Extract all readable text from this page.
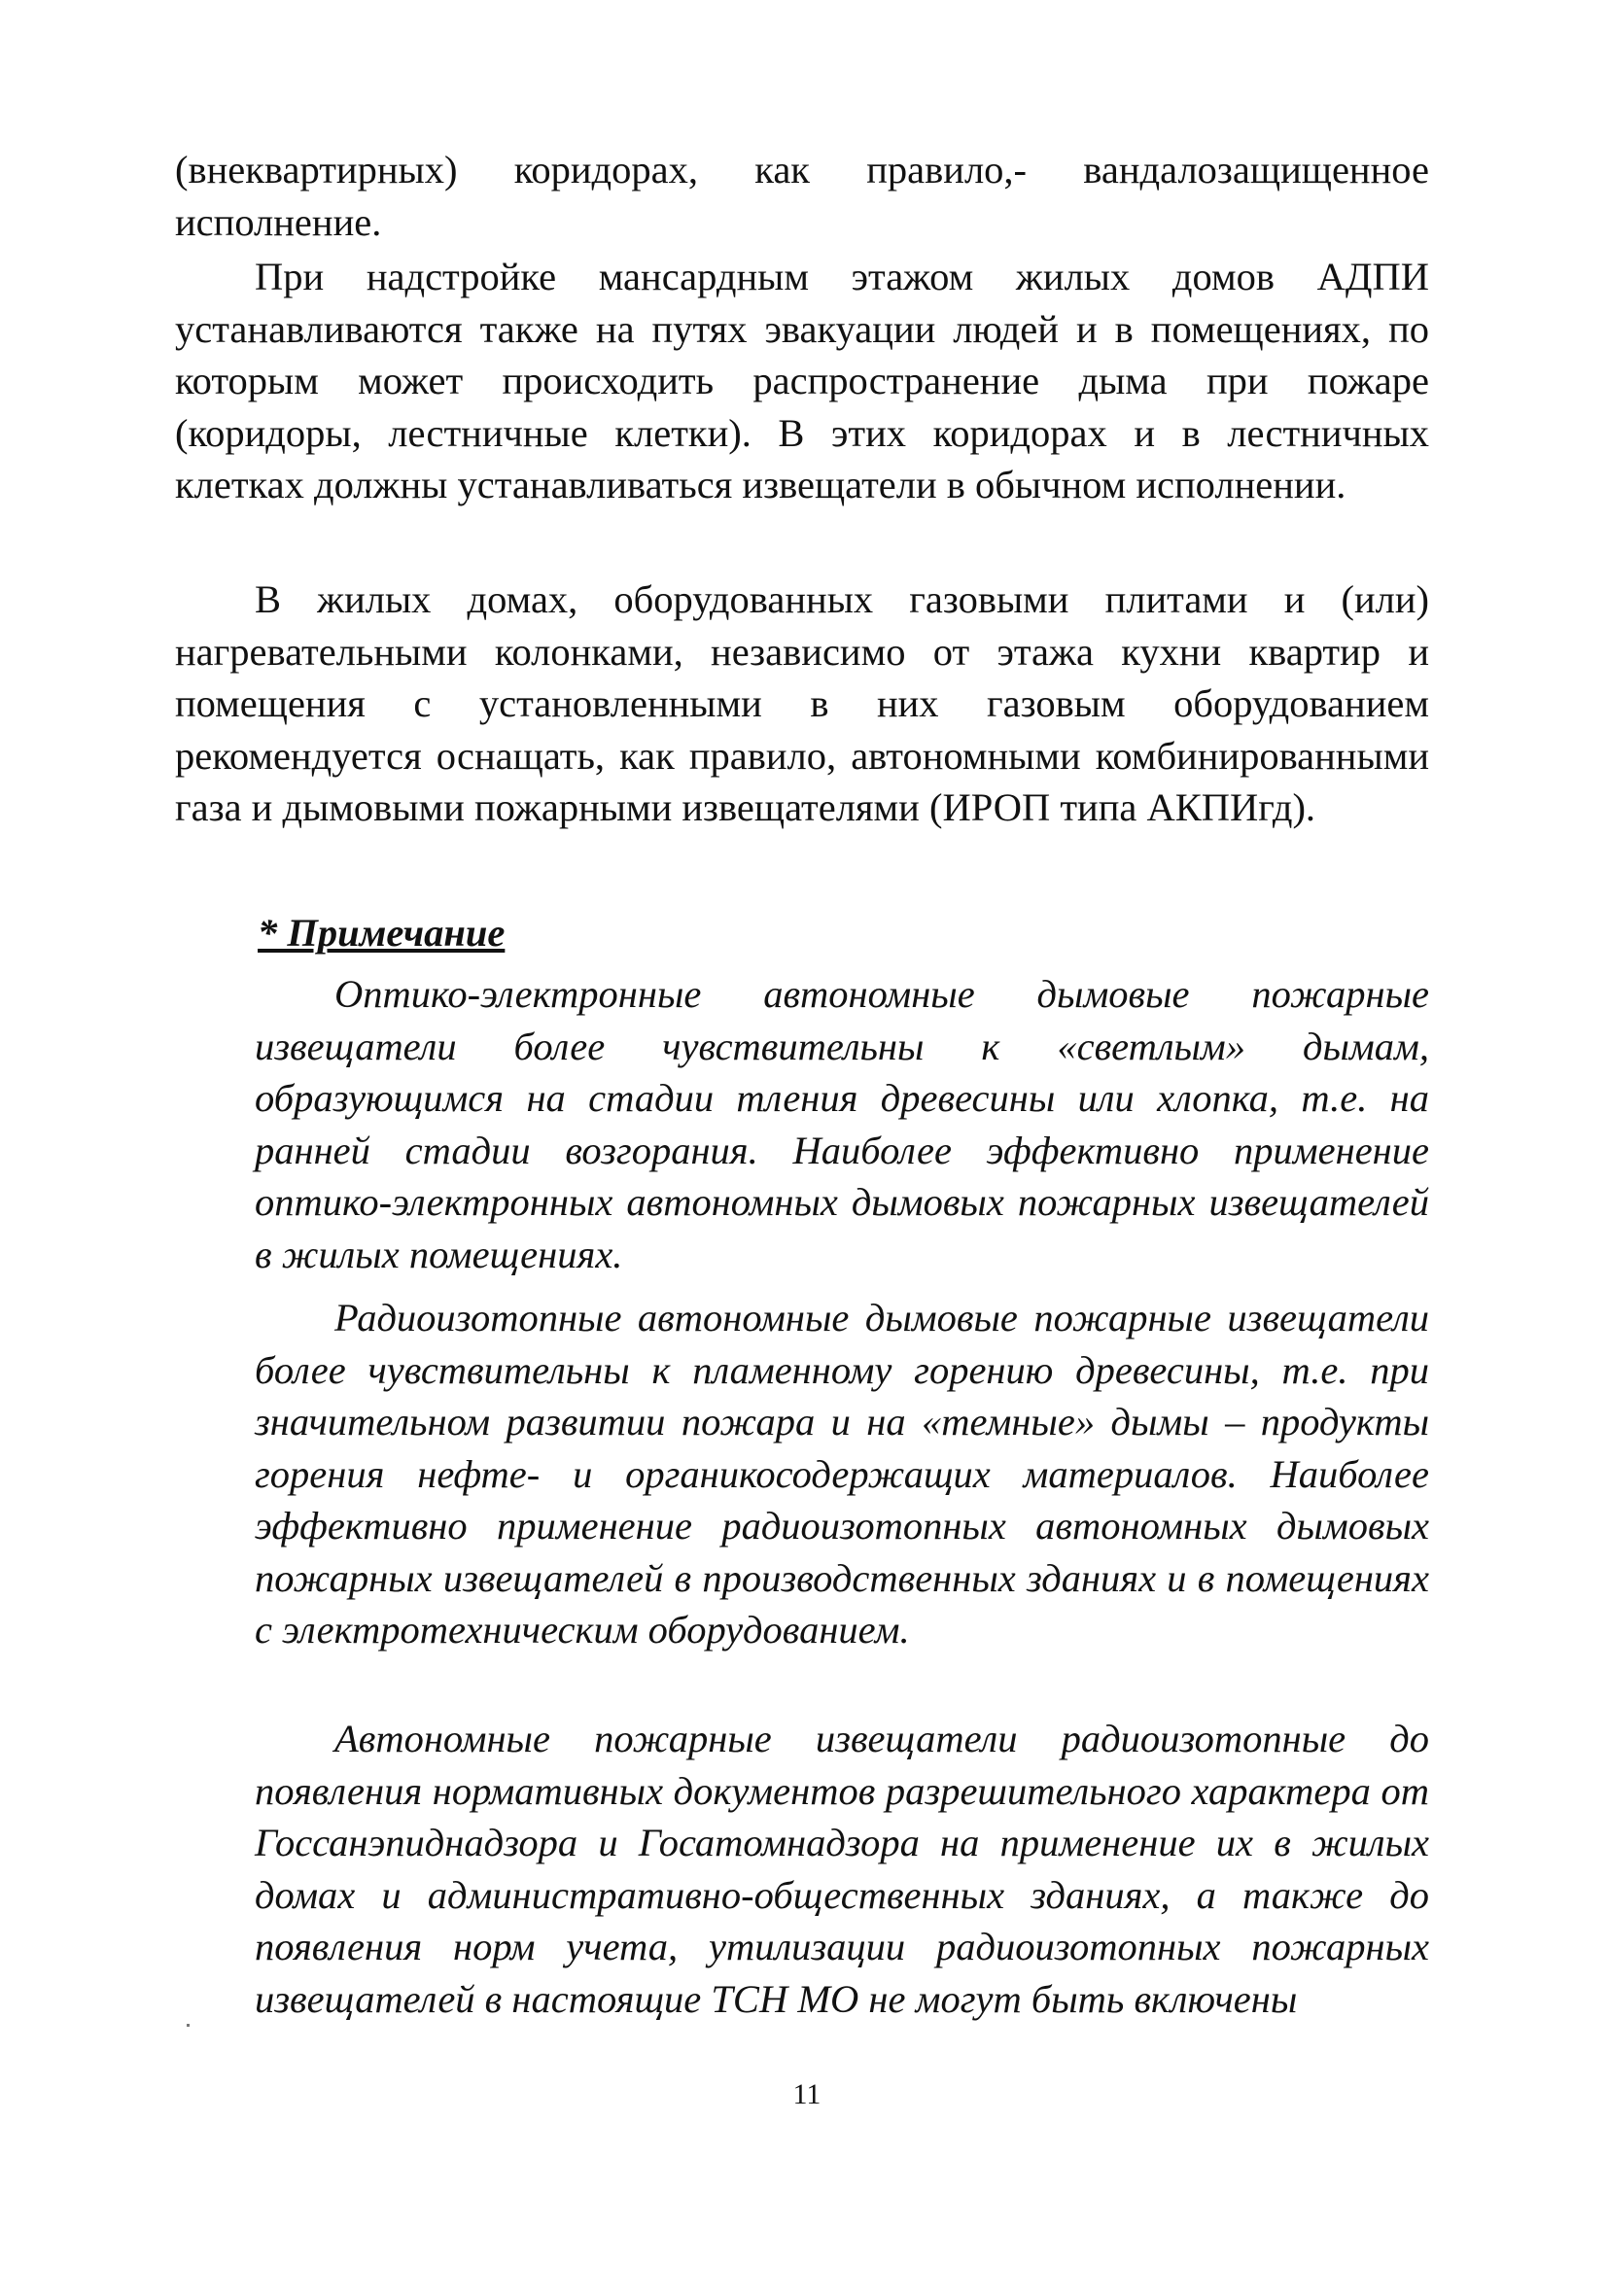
(внеквартирных) коридорах, как правило,- вандалозащищенное исполнение.

При надстройке мансардным этажом жилых домов АДПИ устанавливаются также на путях эвакуации людей и в помещениях, по которым может происходить распространение дыма при пожаре (коридоры, лестничные клетки). В этих коридорах и в лестничных клетках должны устанавливаться извещатели в обычном исполнении.

В жилых домах, оборудованных газовыми плитами и (или) нагревательными колонками, независимо от этажа кухни квартир и помещения с установленными в них газовым оборудованием рекомендуется оснащать, как правило, автономными комбинированными газа и дымовыми пожарными извещателями (ИРОП типа АКПИгд).

* Примечание

Оптико-электронные автономные дымовые пожарные извещатели более чувствительны к «светлым» дымам, образующимся на стадии тления древесины или хлопка, т.е. на ранней стадии возгорания. Наиболее эффективно применение оптико-электронных автономных дымовых пожарных извещателей в жилых помещениях.

Радиоизотопные автономные дымовые пожарные извещатели более чувствительны к пламенному горению древесины, т.е. при значительном развитии пожара и на «темные» дымы – продукты горения нефте- и органикосодержащих материалов. Наиболее эффективно применение радиоизотопных автономных дымовых пожарных извещателей в производственных зданиях и в помещениях с электротехническим оборудованием.

Автономные пожарные извещатели радиоизотопные до появления нормативных документов разрешительного характера от Госсанэпиднадзора и Госатомнадзора на применение их в жилых домах и административно-общественных зданиях, а также до появления норм учета, утилизации радиоизотопных пожарных извещателей в настоящие ТСН МО не могут быть включены

11
